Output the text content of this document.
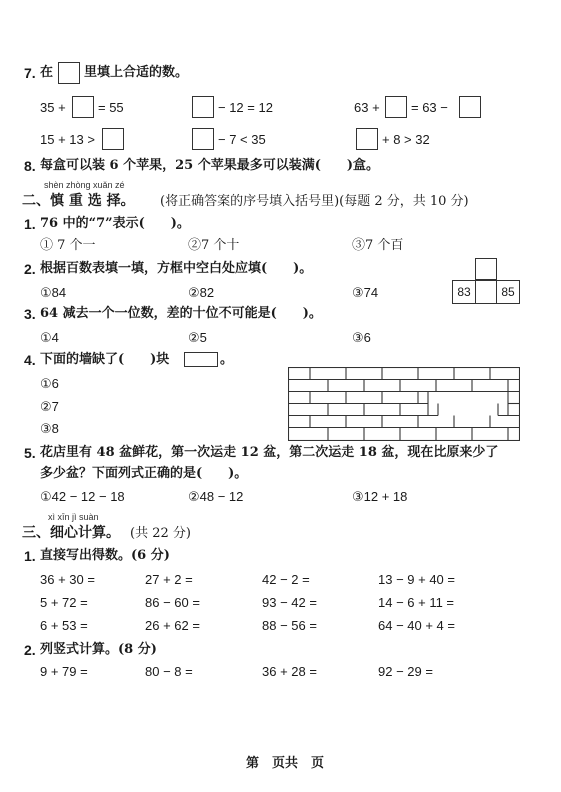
7. 在 里填上合适的数。
35 + = 55	− 12 = 12	63 + = 63 −
15 + 13 >	− 7 < 35	+ 8 > 32
8. 每盒可以装 6 个苹果，25 个苹果最多可以装满(　　)盒。
shèn zhòng xuǎn zé
二、慎 重 选 择。 (将正确答案的序号填入括号里)(每题 2 分，共 10 分)
1. 76 中的“7”表示(　　)。
① 7 个一	②7 个十	③7 个百
2. 根据百数表填一填，方框中空白处应填(　　)。
①84	②82	③74	83	85
3. 64 减去一个一位数，差的十位不可能是(　　)。
①4	②5	③6
4. 下面的墙缺了(　　)块	。
①6
②7
③8
5. 花店里有 48 盆鲜花，第一次运走 12 盆，第二次运走 18 盆，现在比原来少了
多少盆？下面列式正确的是(　　)。
①42 − 12 − 18	②48 − 12	③12 + 18
xì xīn jì suàn
三、细心计算。 (共 22 分)
1. 直接写出得数。(6 分)
36 + 30 =	27 + 2 =	42 − 2 =	13 − 9 + 40 =
5 + 72 =	86 − 60 =	93 − 42 =	14 − 6 + 11 =
6 + 53 =	26 + 62 =	88 − 56 =	64 − 40 + 4 =
2. 列竖式计算。(8 分)
9 + 79 =	80 − 8 =	36 + 28 =	92 − 29 =
第　页共　页
